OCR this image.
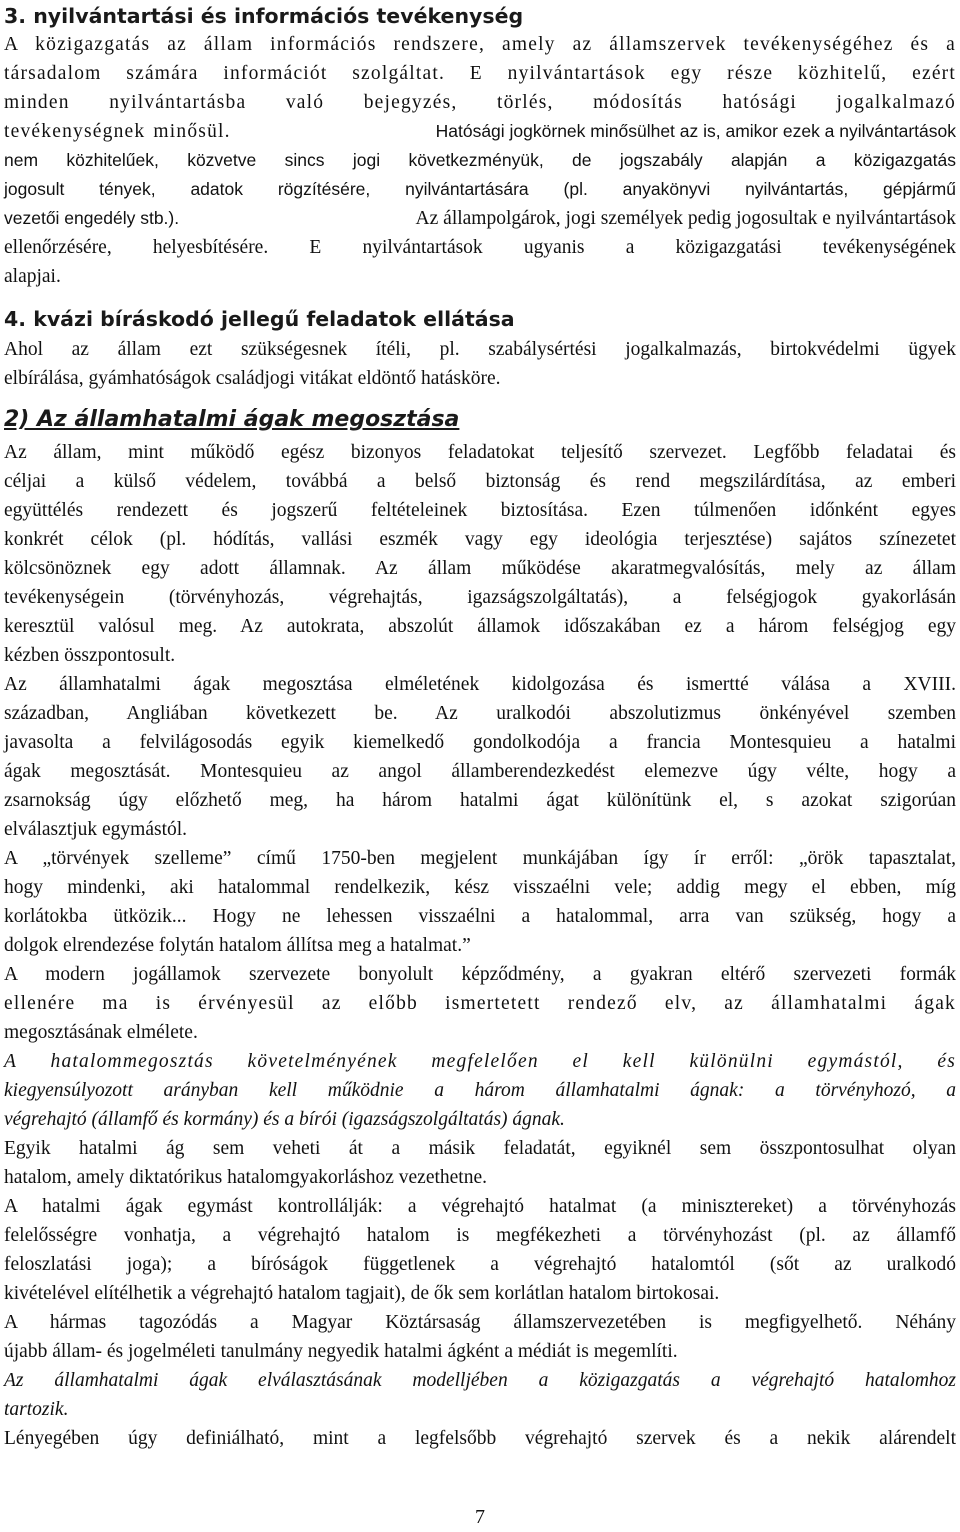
3. nyilvántartási és információs tevékenység
A közigazgatás az állam információs rendszere, amely az államszervek tevékenységéhez és a
társadalom számára információt szolgáltat. E nyilvántartások egy része közhitelű, ezért
minden nyilvántartásba való bejegyzés, törlés, módosítás hatósági jogalkalmazó
tevékenységnek minősül.	Hatósági jogkörnek minősülhet az is, amikor ezek a nyilvántartások
nem közhitelűek, közvetve sincs jogi következményük, de jogszabály alapján a közigazgatás
jogosult tények, adatok rögzítésére, nyilvántartására (pl. anyakönyvi nyilvántartás, gépjármű
vezetői engedély stb.).	Az állampolgárok, jogi személyek pedig jogosultak e nyilvántartások
ellenőrzésére, helyesbítésére. E nyilvántartások ugyanis a közigazgatási tevékenységének
alapjai.
4. kvázi bíráskodó jellegű feladatok ellátása
Ahol az állam ezt szükségesnek ítéli, pl. szabálysértési jogalkalmazás, birtokvédelmi ügyek
elbírálása, gyámhatóságok családjogi vitákat eldöntő hatásköre.
2) Az államhatalmi ágak megosztása
Az állam, mint működő egész bizonyos feladatokat teljesítő szervezet. Legfőbb feladatai és
céljai a külső védelem, továbbá a belső biztonság és rend megszilárdítása, az emberi
együttélés rendezett és jogszerű feltételeinek biztosítása. Ezen túlmenően időnként egyes
konkrét célok (pl. hódítás, vallási eszmék vagy egy ideológia terjesztése) sajátos színezetet
kölcsönöznek egy adott államnak. Az állam működése akaratmegvalósítás, mely az állam
tevékenységein (törvényhozás, végrehajtás, igazságszolgáltatás), a felségjogok gyakorlásán
keresztül valósul meg. Az autokrata, abszolút államok időszakában ez a három felségjog egy
kézben összpontosult.
Az államhatalmi ágak megosztása elméletének kidolgozása és ismertté válása a XVIII.
században, Angliában következett be. Az uralkodói abszolutizmus önkényével szemben
javasolta a felvilágosodás egyik kiemelkedő gondolkodója a francia Montesquieu a hatalmi
ágak megosztását. Montesquieu az angol államberendezkedést elemezve úgy vélte, hogy a
zsarnokság úgy előzhető meg, ha három hatalmi ágat különítünk el, s azokat szigorúan
elválasztjuk egymástól.
A „törvények szelleme” című 1750-ben megjelent munkájában így ír erről: „örök tapasztalat,
hogy mindenki, aki hatalommal rendelkezik, kész visszaélni vele; addig megy el ebben, míg
korlátokba ütközik... Hogy ne lehessen visszaélni a hatalommal, arra van szükség, hogy a
dolgok elrendezése folytán hatalom állítsa meg a hatalmat.”
A modern jogállamok szervezete bonyolult képződmény, a gyakran eltérő szervezeti formák
ellenére ma is érvényesül az előbb ismertetett rendező elv, az államhatalmi ágak
megosztásának elmélete.
A hatalommegosztás követelményének megfelelően el kell különülni egymástól, és
kiegyensúlyozott arányban kell működnie a három államhatalmi ágnak: a törvényhozó, a
végrehajtó (államfő és kormány) és a bírói (igazságszolgáltatás) ágnak.
Egyik hatalmi ág sem veheti át a másik feladatát, egyiknél sem összpontosulhat olyan
hatalom, amely diktatórikus hatalomgyakorláshoz vezethetne.
A hatalmi ágak egymást kontrollálják: a végrehajtó hatalmat (a minisztereket) a törvényhozás
felelősségre vonhatja, a végrehajtó hatalom is megfékezheti a törvényhozást (pl. az államfő
feloszlatási joga); a bíróságok függetlenek a végrehajtó hatalomtól (sőt az uralkodó
kivételével elítélhetik a végrehajtó hatalom tagjait), de ők sem korlátlan hatalom birtokosai.
A hármas tagozódás a Magyar Köztársaság államszervezetében is megfigyelhető. Néhány
újabb állam- és jogelméleti tanulmány negyedik hatalmi ágként a médiát is megemlíti.
Az államhatalmi ágak elválasztásának modelljében a közigazgatás a végrehajtó hatalomhoz
tartozik.
Lényegében úgy definiálható, mint a legfelsőbb végrehajtó szervek és a nekik alárendelt
7
